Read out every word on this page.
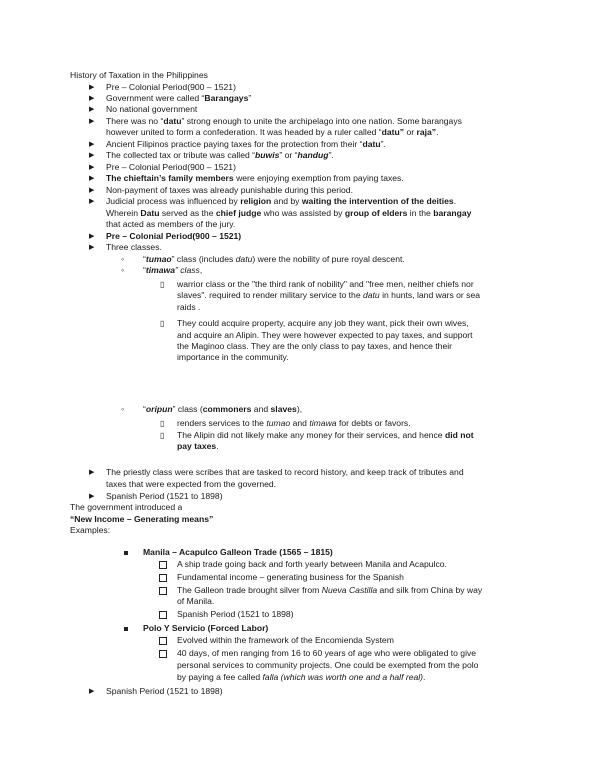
History of Taxation in the Philippines
▶ Pre – Colonial Period(900 – 1521)
▶ Government were called “Barangays”
▶ No national government
▶ There was no “datu” strong enough to unite the archipelago into one nation. Some barangays
however united to form a confederation. It was headed by a ruler called “datu” or raja”.
▶ Ancient Filipinos practice paying taxes for the protection from their “datu”.
▶ The collected tax or tribute was called “buwis” or “handug”.
▶ Pre – Colonial Period(900 – 1521)
▶ The chieftain’s family members were enjoying exemption from paying taxes.
▶ Non-payment of taxes was already punishable during this period.
▶ Judicial process was influenced by religion and by waiting the intervention of the deities.
Wherein Datu served as the chief judge who was assisted by group of elders in the barangay
that acted as members of the jury.
▶ Pre – Colonial Period(900 – 1521)
▶ Three classes.
◦ “tumao” class (includes datu) were the nobility of pure royal descent.
◦ “timawa” class,
▯ warrior class or the "the third rank of nobility" and "free men, neither chiefs nor
slaves". required to render military service to the datu in hunts, land wars or sea
raids .
▯ They could acquire property, acquire any job they want, pick their own wives,
and acquire an Alipin. They were however expected to pay taxes, and support
the Maginoo class. They are the only class to pay taxes, and hence their
importance in the community.
◦ “oripun” class (commoners and slaves),
▯ renders services to the tumao and timawa for debts or favors.
▯ The Alipin did not likely make any money for their services, and hence did not
pay taxes.
▶ The priestly class were scribes that are tasked to record history, and keep track of tributes and
taxes that were expected from the governed.
▶ Spanish Period (1521 to 1898)
The government introduced a
“New Income – Generating means”
Examples:
Manila – Acapulco Galleon Trade (1565 – 1815)
A ship trade going back and forth yearly between Manila and Acapulco.
Fundamental income – generating business for the Spanish
The Galleon trade brought silver from Nueva Castilla and silk from China by way
of Manila.
Spanish Period (1521 to 1898)
Polo Y Servicio (Forced Labor)
Evolved within the framework of the Encomienda System
40 days, of men ranging from 16 to 60 years of age who were obligated to give
personal services to community projects. One could be exempted from the polo
by paying a fee called falla (which was worth one and a half real).
▶ Spanish Period (1521 to 1898)
